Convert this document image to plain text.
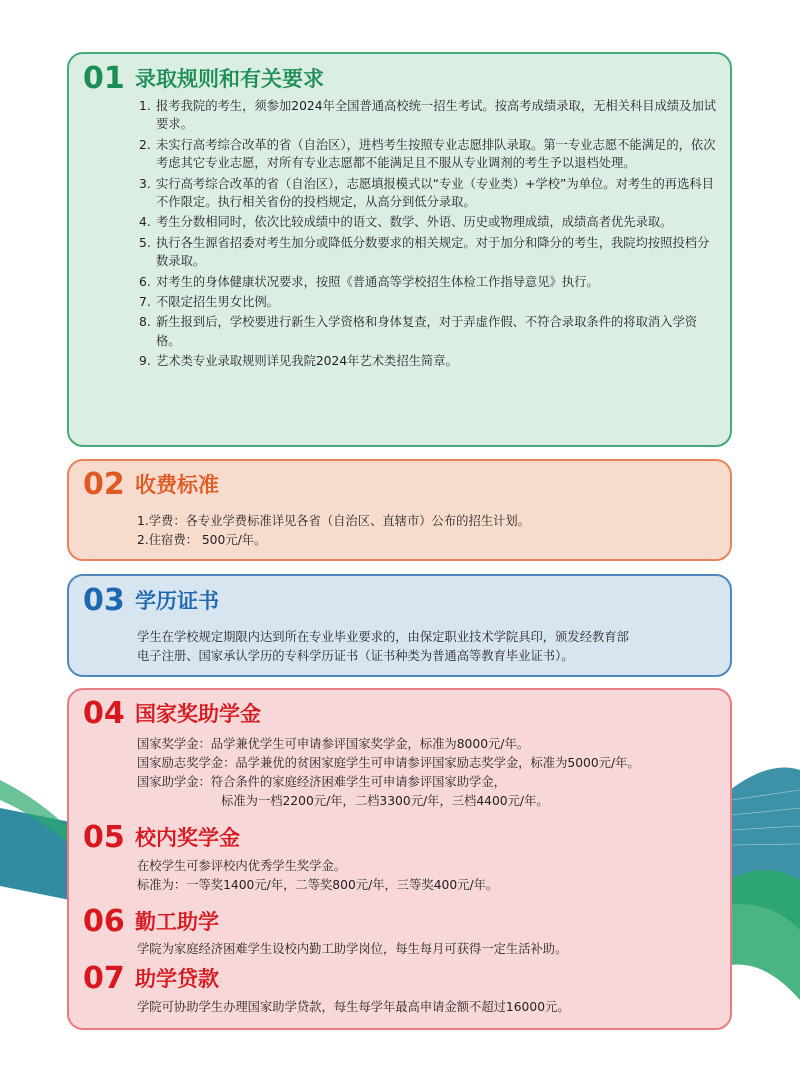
01 录取规则和有关要求
1. 报考我院的考生，须参加2024年全国普通高校统一招生考试。按高考成绩录取，无相关科目成绩及加试要求。
2. 未实行高考综合改革的省（自治区），进档考生按照专业志愿排队录取。第一专业志愿不能满足的，依次考虑其它专业志愿，对所有专业志愿都不能满足且不服从专业调剂的考生予以退档处理。
3. 实行高考综合改革的省（自治区），志愿填报模式以“专业（专业类）+学校”为单位。对考生的再选科目不作限定。执行相关省份的投档规定，从高分到低分录取。
4. 考生分数相同时，依次比较成绩中的语文、数学、外语、历史或物理成绩，成绩高者优先录取。
5. 执行各生源省招委对考生加分或降低分数要求的相关规定。对于加分和降分的考生，我院均按照投档分数录取。
6. 对考生的身体健康状况要求，按照《普通高等学校招生体检工作指导意见》执行。
7. 不限定招生男女比例。
8. 新生报到后，学校要进行新生入学资格和身体复查，对于弄虚作假、不符合录取条件的将取消入学资格。
9. 艺术类专业录取规则详见我院2024年艺术类招生简章。
02 收费标准
1.学费：各专业学费标准详见各省（自治区、直辖市）公布的招生计划。
2.住宿费： 500元/年。
03 学历证书
学生在学校规定期限内达到所在专业毕业要求的，由保定职业技术学院具印，颁发经教育部
电子注册、国家承认学历的专科学历证书（证书种类为普通高等教育毕业证书）。
04 国家奖助学金
国家奖学金：品学兼优学生可申请参评国家奖学金，标准为8000元/年。
国家励志奖学金：品学兼优的贫困家庭学生可申请参评国家励志奖学金，标准为5000元/年。
国家助学金：符合条件的家庭经济困难学生可申请参评国家助学金，
标准为一档2200元/年，二档3300元/年，三档4400元/年。
05 校内奖学金
在校学生可参评校内优秀学生奖学金。
标准为：一等奖1400元/年，二等奖800元/年，三等奖400元/年。
06 勤工助学
学院为家庭经济困难学生设校内勤工助学岗位，每生每月可获得一定生活补助。
07 助学贷款
学院可协助学生办理国家助学贷款，每生每学年最高申请金额不超过16000元。
